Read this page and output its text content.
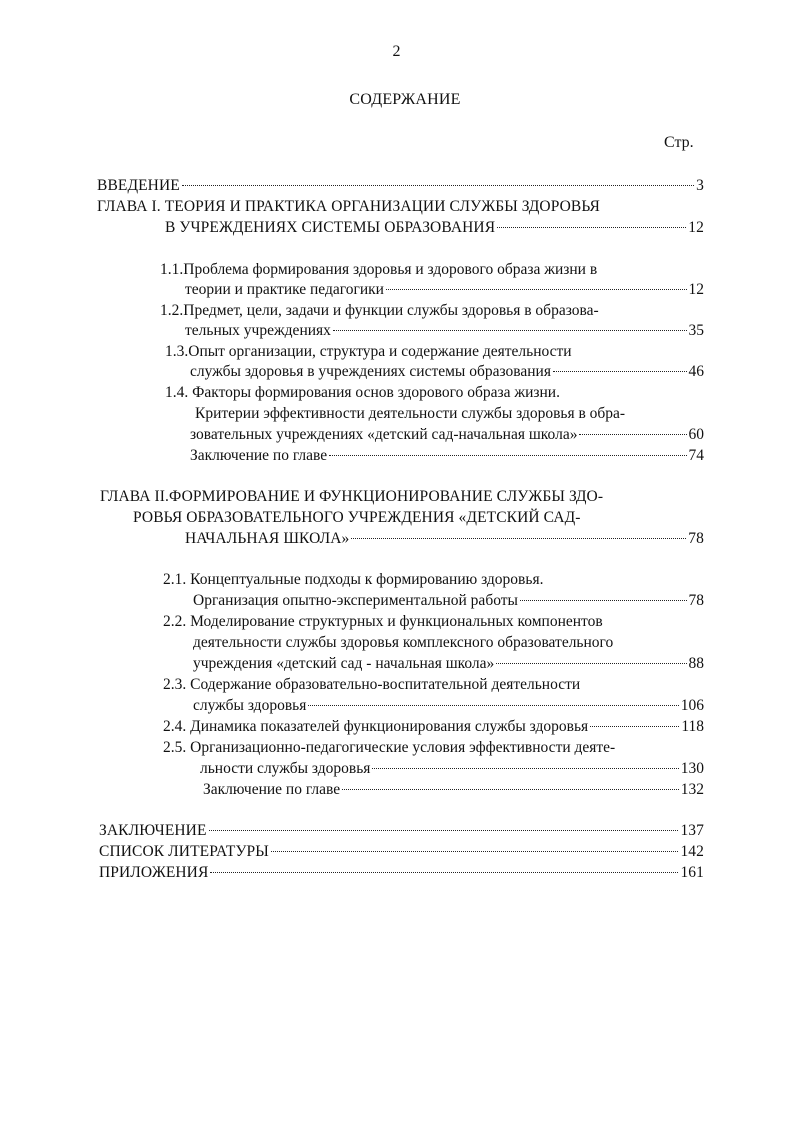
2
СОДЕРЖАНИЕ
Стр.
ВВЕДЕНИЕ	3
ГЛАВА I. ТЕОРИЯ И ПРАКТИКА ОРГАНИЗАЦИИ СЛУЖБЫ ЗДОРОВЬЯ
В УЧРЕЖДЕНИЯХ СИСТЕМЫ ОБРАЗОВАНИЯ	12
1.1.Проблема формирования здоровья и здорового образа жизни в
теории и практике педагогики	12
1.2.Предмет, цели, задачи и функции службы здоровья в образова-
тельных учреждениях	35
1.3.Опыт организации, структура и содержание деятельности
службы здоровья в учреждениях системы образования	46
1.4. Факторы формирования основ здорового образа жизни.
Критерии эффективности деятельности службы здоровья в обра-
зовательных учреждениях «детский сад-начальная школа»	60
Заключение по главе	74
ГЛАВА II.ФОРМИРОВАНИЕ И ФУНКЦИОНИРОВАНИЕ СЛУЖБЫ ЗДО-
РОВЬЯ ОБРАЗОВАТЕЛЬНОГО УЧРЕЖДЕНИЯ «ДЕТСКИЙ САД-
НАЧАЛЬНАЯ ШКОЛА»	78
2.1. Концептуальные подходы к формированию здоровья.
Организация опытно-экспериментальной работы	78
2.2. Моделирование структурных и функциональных компонентов
деятельности службы здоровья комплексного образовательного
учреждения «детский сад - начальная школа»	88
2.3. Содержание образовательно-воспитательной деятельности
службы здоровья	106
2.4. Динамика показателей функционирования службы здоровья	118
2.5. Организационно-педагогические условия эффективности деяте-
льности службы здоровья	130
Заключение по главе	132
ЗАКЛЮЧЕНИЕ	137
СПИСОК ЛИТЕРАТУРЫ	142
ПРИЛОЖЕНИЯ	161
